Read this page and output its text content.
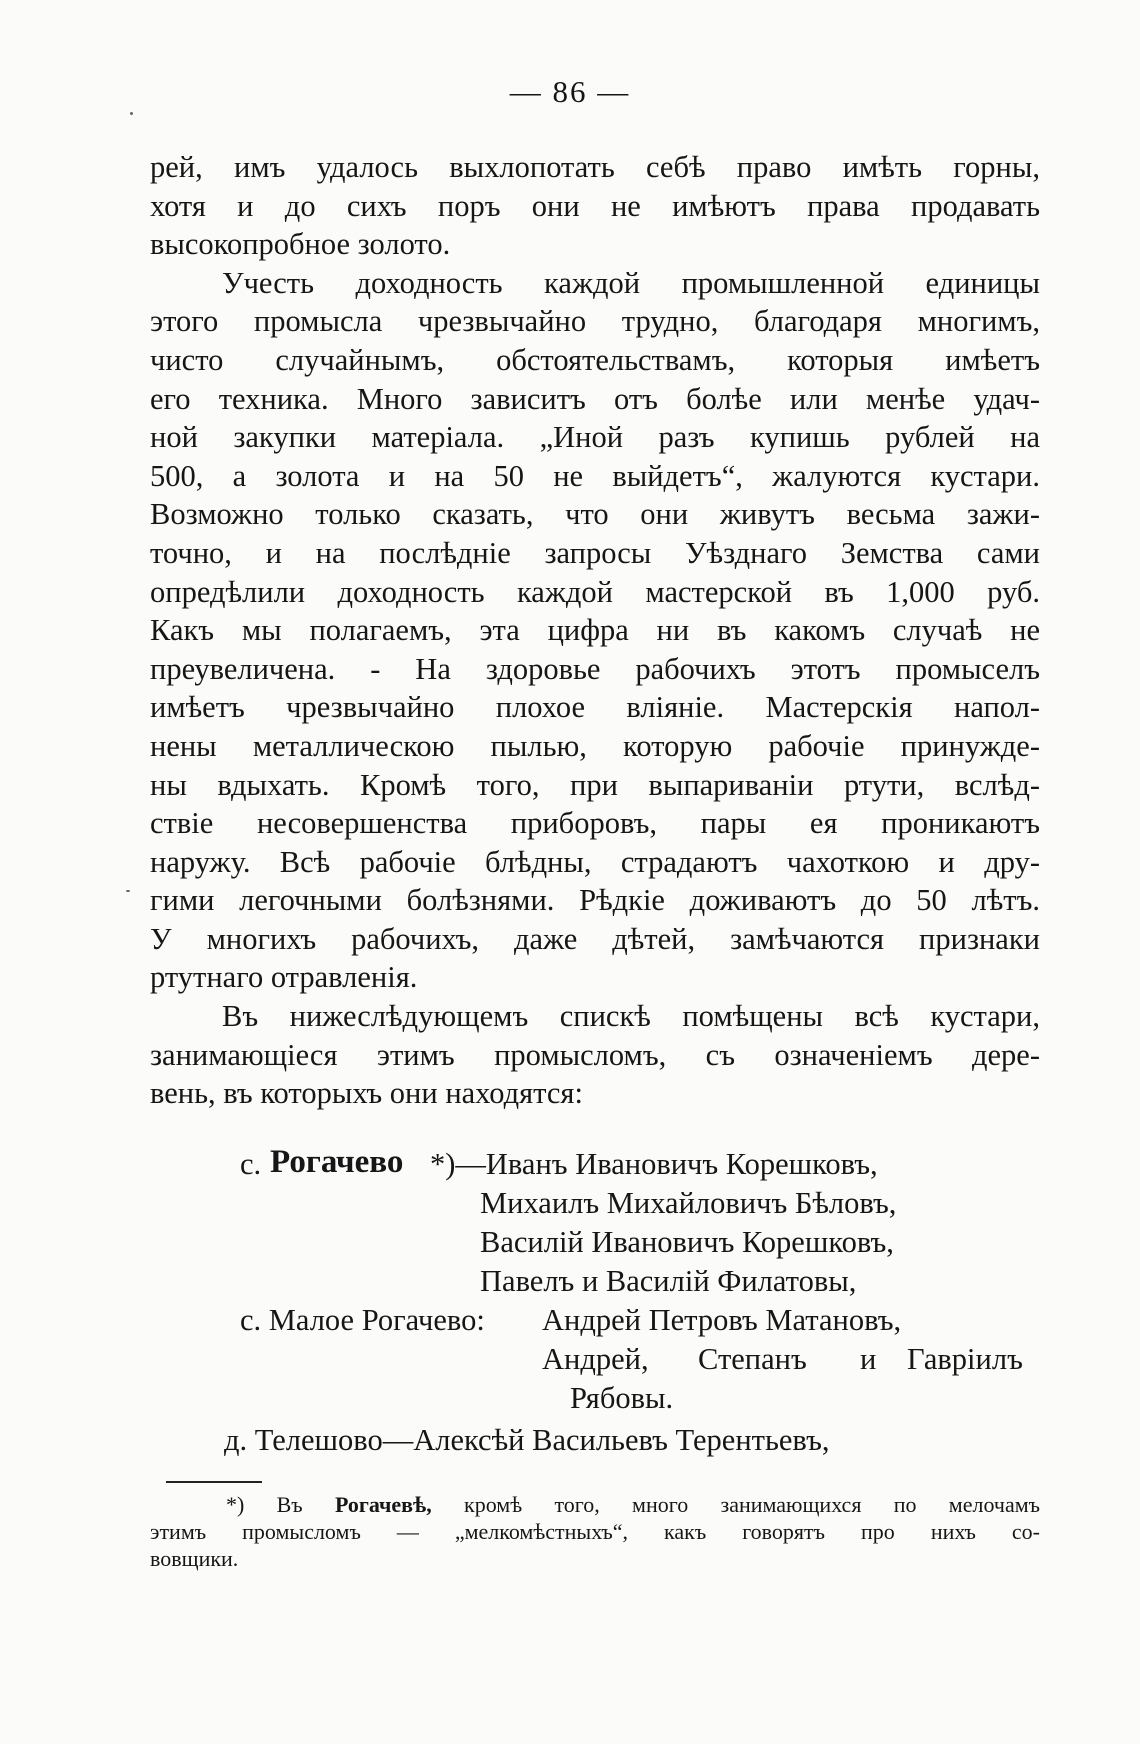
— 86 —
рей, имъ удалось выхлопотать себѣ право имѣть горны,
хотя и до сихъ поръ они не имѣютъ права продавать
высокопробное золото.
Учесть доходность каждой промышленной единицы
этого промысла чрезвычайно трудно, благодаря многимъ,
чисто случайнымъ, обстоятельствамъ, которыя имѣетъ
его техника. Много зависитъ отъ болѣе или менѣе удач-
ной закупки матеріала. „Иной разъ купишь рублей на
500, а золота и на 50 не выйдетъ“, жалуются кустари.
Возможно только сказать, что они живутъ весьма зажи-
точно, и на послѣдніе запросы Уѣзднаго Земства сами
опредѣлили доходность каждой мастерской въ 1,000 руб.
Какъ мы полагаемъ, эта цифра ни въ какомъ случаѣ не
преувеличена. - На здоровье рабочихъ этотъ промыселъ
имѣетъ чрезвычайно плохое вліяніе. Мастерскія напол-
нены металлическою пылью, которую рабочіе принужде-
ны вдыхать. Кромѣ того, при выпариваніи ртути, вслѣд-
ствіе несовершенства приборовъ, пары ея проникаютъ
наружу. Всѣ рабочіе блѣдны, страдаютъ чахоткою и дру-
гими легочными болѣзнями. Рѣдкіе доживаютъ до 50 лѣтъ.
У многихъ рабочихъ, даже дѣтей, замѣчаются признаки
ртутнаго отравленія.
Въ нижеслѣдующемъ спискѣ помѣщены всѣ кустари,
занимающіеся этимъ промысломъ, съ означеніемъ дере-
вень, въ которыхъ они находятся:
с. Рогачево *)—Иванъ Ивановичъ Корешковъ,
Михаилъ Михайловичъ Бѣловъ,
Василій Ивановичъ Корешковъ,
Павелъ и Василій Филатовы,
с. Малое Рогачево: Андрей Петровъ Матановъ,
Андрей, Степанъ и Гавріилъ
Рябовы.
д. Телешово—Алексѣй Васильевъ Терентьевъ,
*) Въ Рогачевѣ, кромѣ того, много занимающихся по мелочамъ
этимъ промысломъ — „мелкомѣстныхъ“, какъ говорятъ про нихъ со-
вовщики.
